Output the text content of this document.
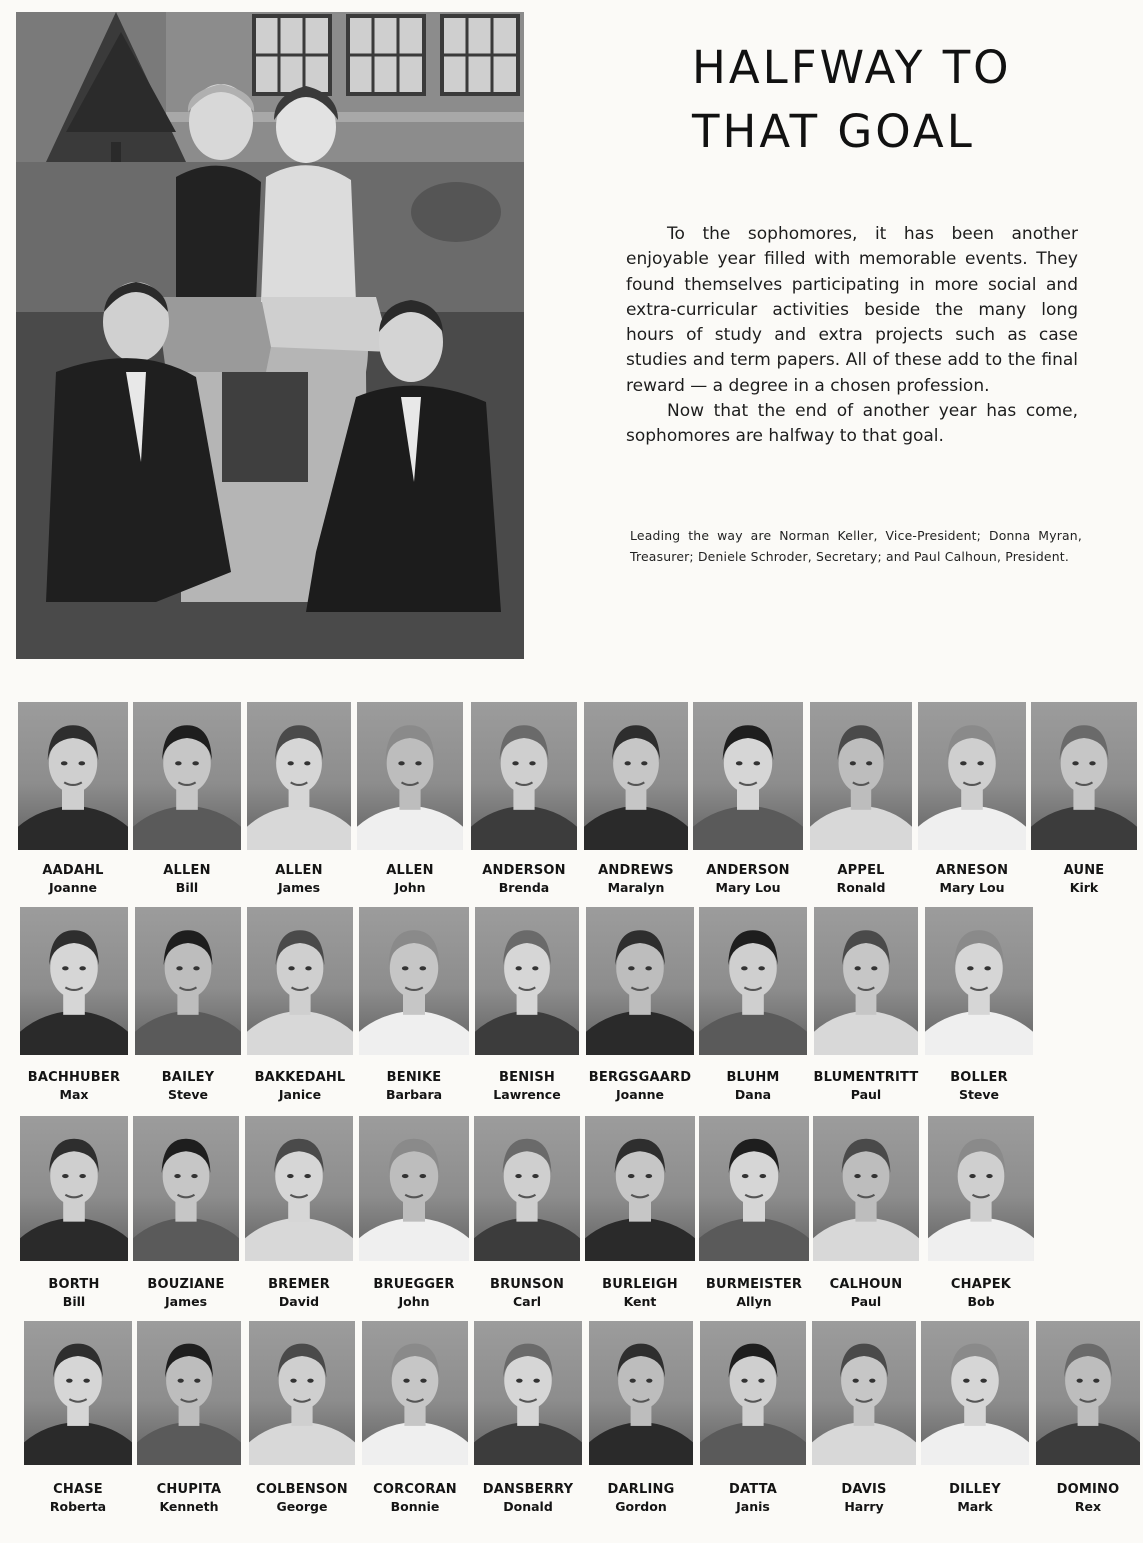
HALFWAY TO
THAT GOAL

To the sophomores, it has been another enjoyable year filled with memorable events. They found themselves participating in more social and extra-curricular activities beside the many long hours of study and extra projects such as case studies and term papers. All of these add to the final reward — a degree in a chosen profession.

Now that the end of another year has come, sophomores are halfway to that goal.

Leading the way are Norman Keller, Vice-President; Donna Myran, Treasurer; Deniele Schroder, Secretary; and Paul Calhoun, President.
AADAHL
Joanne
ALLEN
Bill
ALLEN
James
ALLEN
John
ANDERSON
Brenda
ANDREWS
Maralyn
ANDERSON
Mary Lou
APPEL
Ronald
ARNESON
Mary Lou
AUNE
Kirk
BACHHUBER
Max
BAILEY
Steve
BAKKEDAHL
Janice
BENIKE
Barbara
BENISH
Lawrence
BERGSGAARD
Joanne
BLUHM
Dana
BLUMENTRITT
Paul
BOLLER
Steve
BORTH
Bill
BOUZIANE
James
BREMER
David
BRUEGGER
John
BRUNSON
Carl
BURLEIGH
Kent
BURMEISTER
Allyn
CALHOUN
Paul
CHAPEK
Bob
CHASE
Roberta
CHUPITA
Kenneth
COLBENSON
George
CORCORAN
Bonnie
DANSBERRY
Donald
DARLING
Gordon
DATTA
Janis
DAVIS
Harry
DILLEY
Mark
DOMINO
Rex
